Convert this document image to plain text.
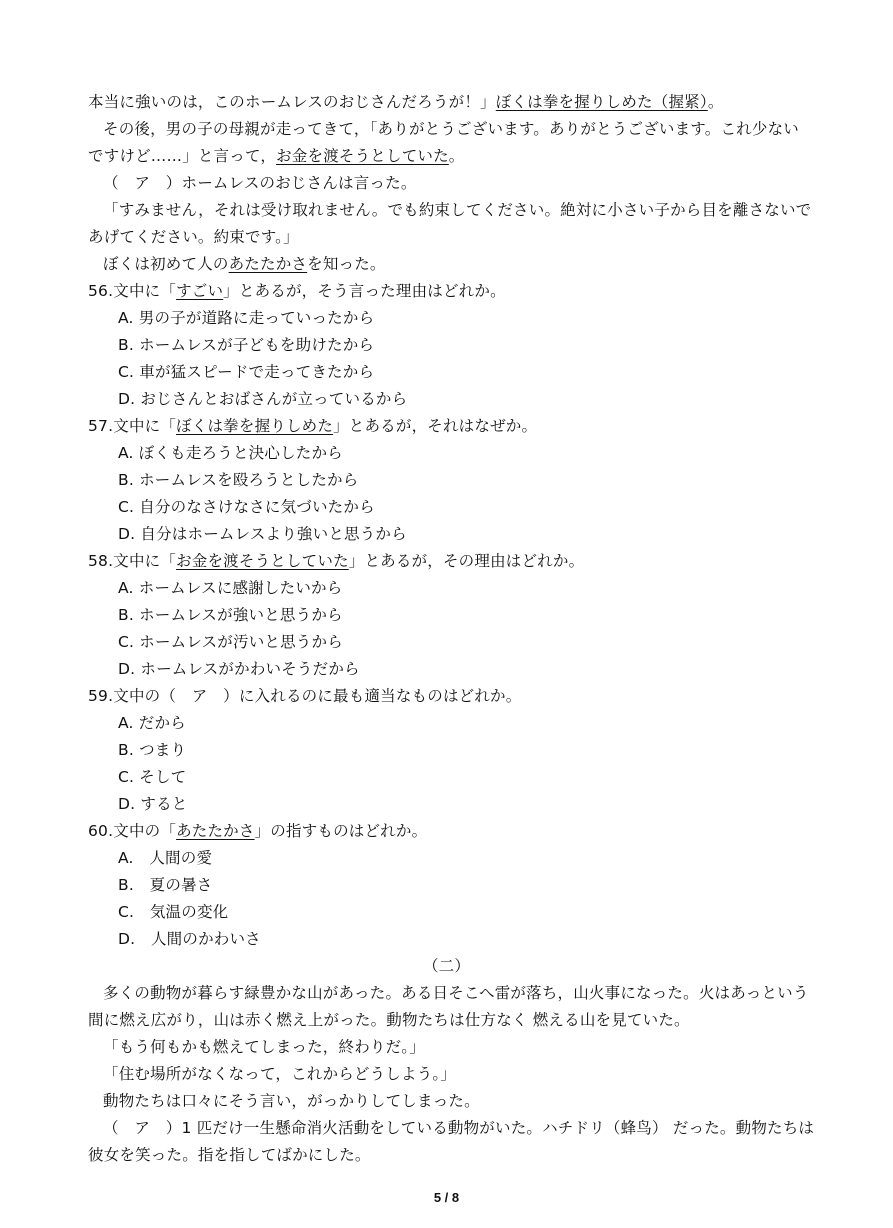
本当に強いのは，このホームレスのおじさんだろうが！」ぼくは拳を握りしめた（握紧）。
その後，男の子の母親が走ってきて，「ありがとうございます。ありがとうございます。これ少ない
ですけど……」と言って，お金を渡そうとしていた。
（　ア　）ホームレスのおじさんは言った。
「すみません，それは受け取れません。でも約束してください。絶対に小さい子から目を離さないで
あげてください。約束です。」
ぼくは初めて人のあたたかさを知った。
56.文中に「すごい」とあるが，そう言った理由はどれか。
A. 男の子が道路に走っていったから
B. ホームレスが子どもを助けたから
C. 車が猛スピードで走ってきたから
D. おじさんとおばさんが立っているから
57.文中に「ぼくは拳を握りしめた」とあるが，それはなぜか。
A. ぼくも走ろうと決心したから
B. ホームレスを殴ろうとしたから
C. 自分のなさけなさに気づいたから
D. 自分はホームレスより強いと思うから
58.文中に「お金を渡そうとしていた」とあるが，その理由はどれか。
A. ホームレスに感謝したいから
B. ホームレスが強いと思うから
C. ホームレスが汚いと思うから
D. ホームレスがかわいそうだから
59.文中の（　ア　）に入れるのに最も適当なものはどれか。
A. だから
B. つまり
C. そして
D. すると
60.文中の「あたたかさ」の指すものはどれか。
A.　人間の愛
B.　夏の暑さ
C.　気温の変化
D.　人間のかわいさ
（二）
多くの動物が暮らす緑豊かな山があった。ある日そこへ雷が落ち，山火事になった。火はあっという
間に燃え広がり，山は赤く燃え上がった。動物たちは仕方なく 燃える山を見ていた。
「もう何もかも燃えてしまった，終わりだ。」
「住む場所がなくなって，これからどうしよう。」
動物たちは口々にそう言い，がっかりしてしまった。
（　ア　）1 匹だけ一生懸命消火活動をしている動物がいた。ハチドリ（蜂鸟） だった。動物たちは
彼女を笑った。指を指してばかにした。
5 / 8
